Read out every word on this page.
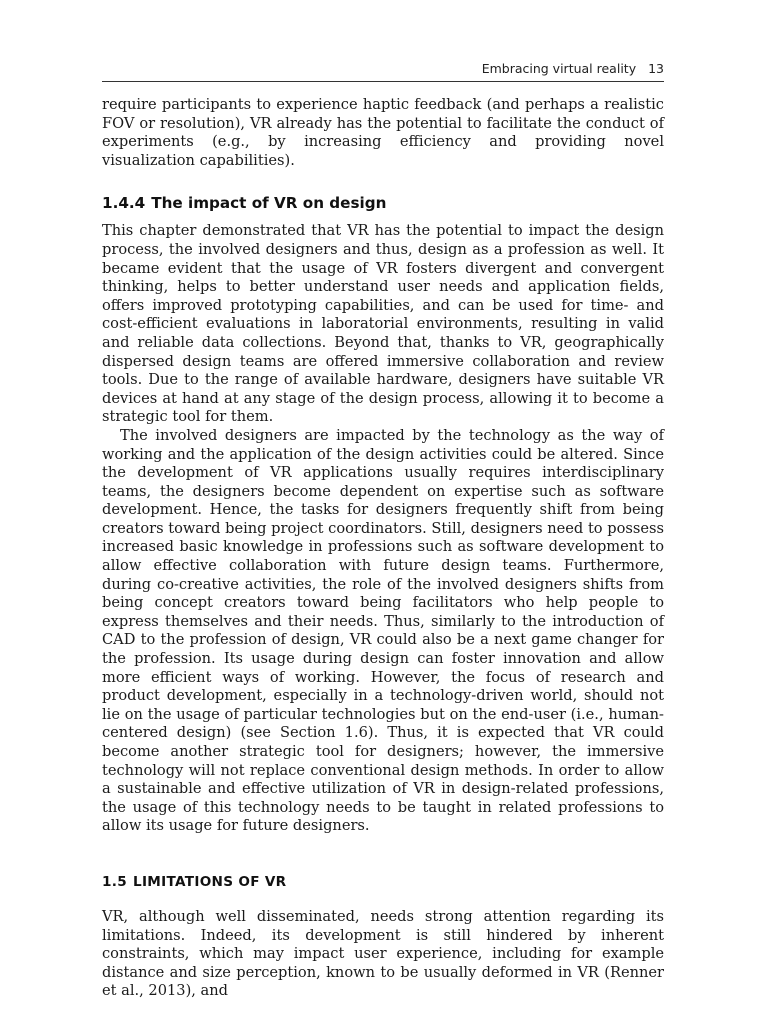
Embracing virtual reality 13

require participants to experience haptic feedback (and perhaps a realistic FOV or resolution), VR already has the potential to facilitate the conduct of experiments (e.g., by increasing efficiency and providing novel visualization capabilities).

1.4.4 The impact of VR on design

This chapter demonstrated that VR has the potential to impact the design process, the involved designers and thus, design as a profession as well. It became evident that the usage of VR fosters divergent and convergent thinking, helps to better understand user needs and application fields, offers improved prototyping capabilities, and can be used for time- and cost-efficient evaluations in laboratorial environments, resulting in valid and reliable data collections. Beyond that, thanks to VR, geographically dispersed design teams are offered immersive collaboration and review tools. Due to the range of available hardware, designers have suitable VR devices at hand at any stage of the design process, allowing it to become a strategic tool for them.

The involved designers are impacted by the technology as the way of working and the application of the design activities could be altered. Since the development of VR applications usually requires interdisciplinary teams, the designers become dependent on expertise such as software development. Hence, the tasks for designers frequently shift from being creators toward being project coordinators. Still, designers need to possess increased basic knowledge in professions such as software development to allow effective collaboration with future design teams. Furthermore, during co-creative activities, the role of the involved designers shifts from being concept creators toward being facilitators who help people to express themselves and their needs. Thus, similarly to the introduction of CAD to the profession of design, VR could also be a next game changer for the profession. Its usage during design can foster innovation and allow more efficient ways of working. However, the focus of research and product development, especially in a technology-driven world, should not lie on the usage of particular technologies but on the end-user (i.e., human-centered design) (see Section 1.6). Thus, it is expected that VR could become another strategic tool for designers; however, the immersive technology will not replace conventional design methods. In order to allow a sustainable and effective utilization of VR in design-related professions, the usage of this technology needs to be taught in related professions to allow its usage for future designers.

1.5 LIMITATIONS OF VR

VR, although well disseminated, needs strong attention regarding its limitations. Indeed, its development is still hindered by inherent constraints, which may impact user experience, including for example distance and size perception, known to be usually deformed in VR (Renner et al., 2013), and
